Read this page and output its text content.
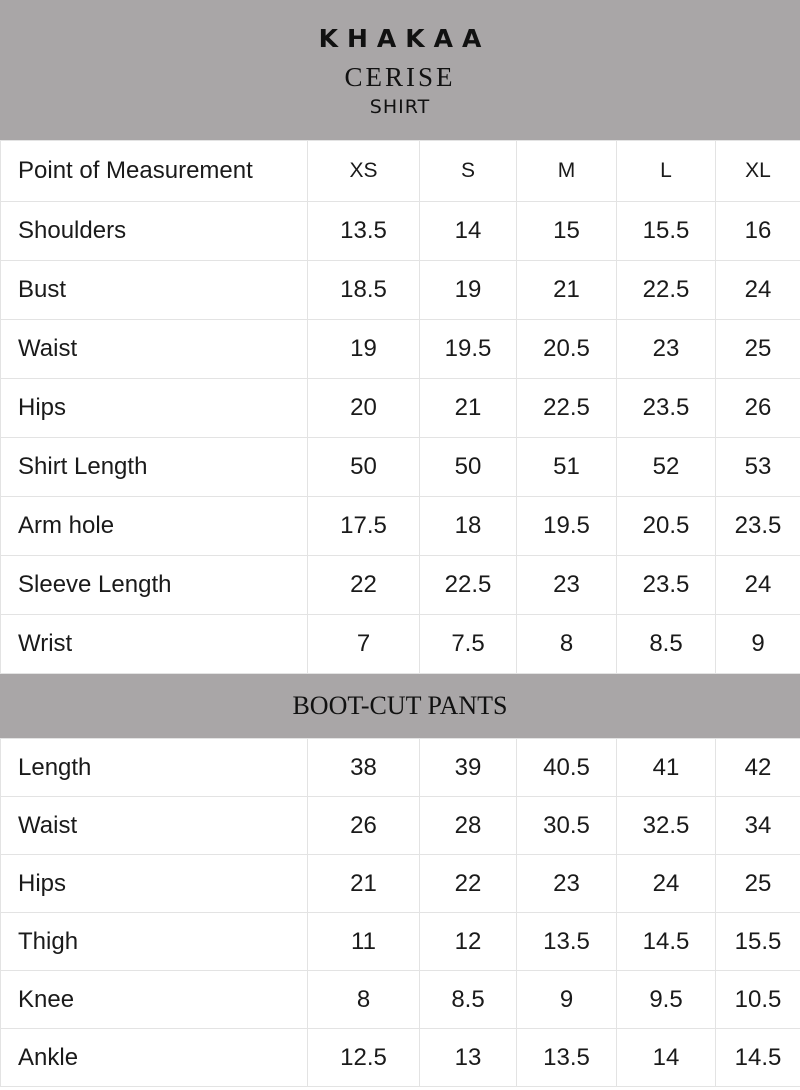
KHAKAA
CERISE
SHIRT
Point of Measurement	XS	S	M	L	XL
Shoulders	13.5	14	15	15.5	16
Bust	18.5	19	21	22.5	24
Waist	19	19.5	20.5	23	25
Hips	20	21	22.5	23.5	26
Shirt Length	50	50	51	52	53
Arm hole	17.5	18	19.5	20.5	23.5
Sleeve Length	22	22.5	23	23.5	24
Wrist	7	7.5	8	8.5	9
BOOT-CUT PANTS
Length	38	39	40.5	41	42
Waist	26	28	30.5	32.5	34
Hips	21	22	23	24	25
Thigh	11	12	13.5	14.5	15.5
Knee	8	8.5	9	9.5	10.5
Ankle	12.5	13	13.5	14	14.5
